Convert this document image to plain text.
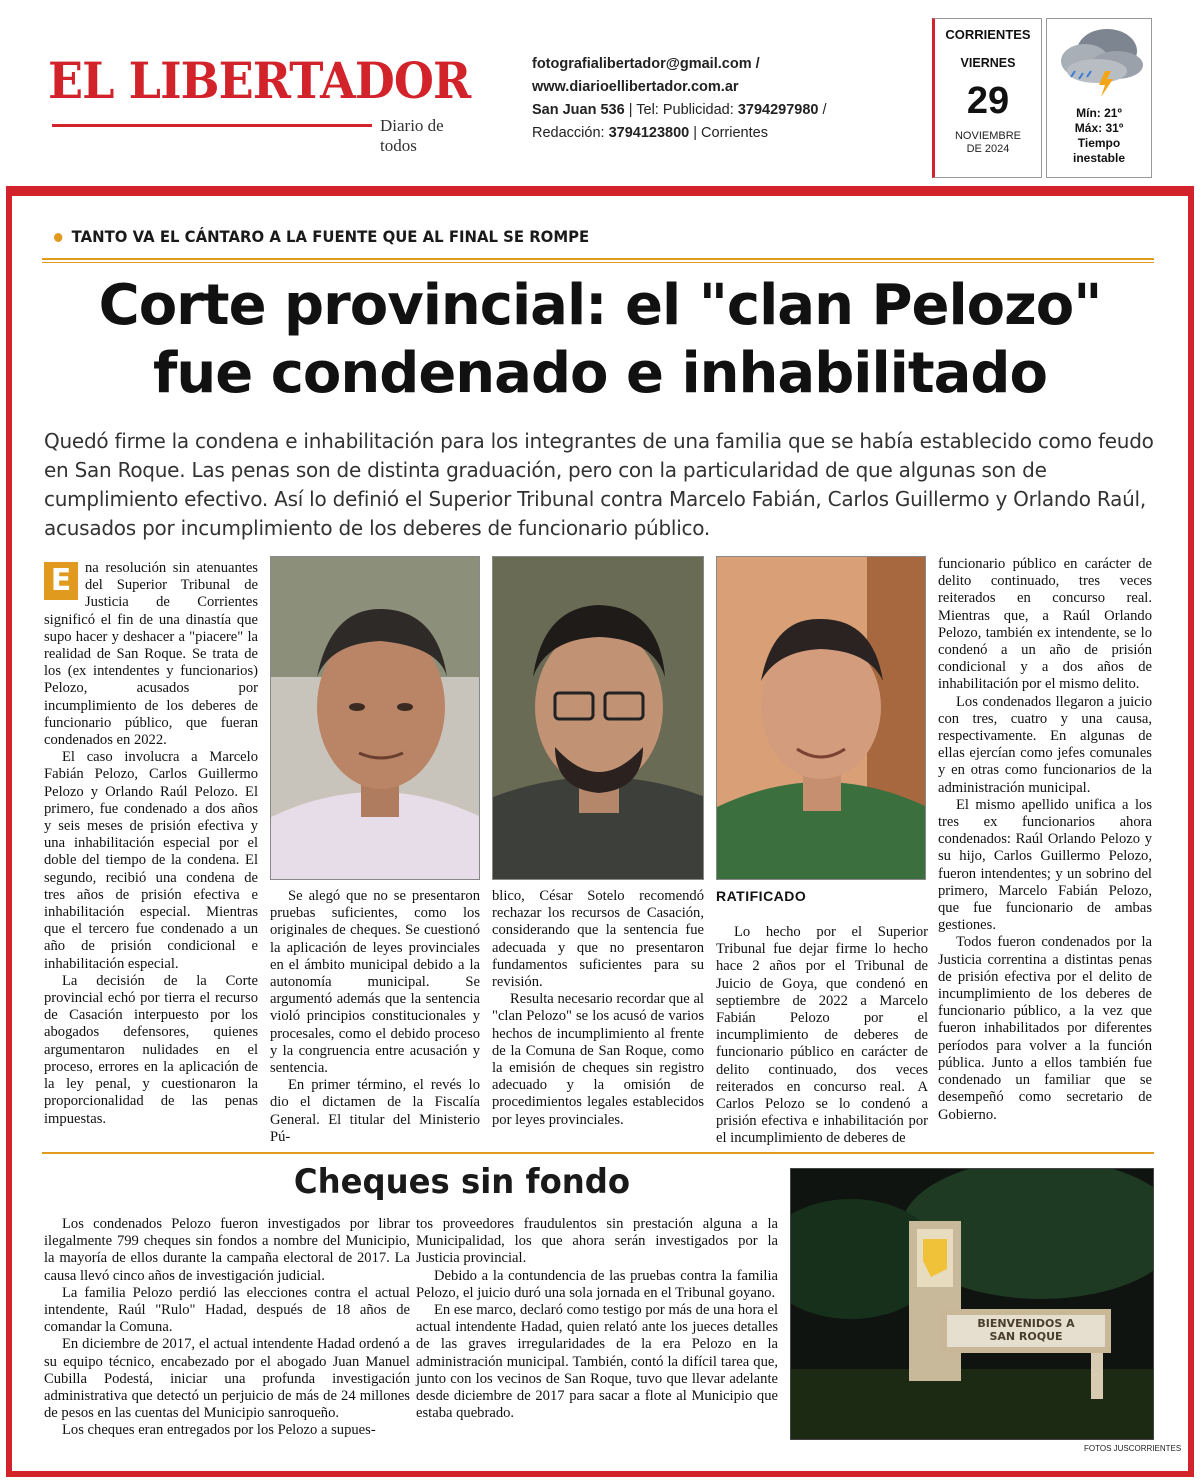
EL LIBERTADOR
Diario de todos
fotografialibertador@gmail.com /
www.diarioellibertador.com.ar
San Juan 536 | Tel: Publicidad: 3794297980 /
Redacción: 3794123800 | Corrientes
CORRIENTES
VIERNES
29
NOVIEMBRE
DE 2024
Mín: 21º
Máx: 31º
Tiempo
inestable
TANTO VA EL CÁNTARO A LA FUENTE QUE AL FINAL SE ROMPE
Corte provincial: el "clan Pelozo"
fue condenado e inhabilitado

Quedó firme la condena e inhabilitación para los integrantes de una familia que se había establecido como feudo en San Roque. Las penas son de distinta graduación, pero con la particularidad de que algunas son de cumplimiento efectivo. Así lo definió el Superior Tribunal contra Marcelo Fabián, Carlos Guillermo y Orlando Raúl, acusados por incumplimiento de los deberes de funcionario público.

E na resolución sin atenuantes del Superior Tribunal de Justicia de Corrientes significó el fin de una dinastía que supo hacer y deshacer a "piacere" la realidad de San Roque. Se trata de los (ex intendentes y funcionarios) Pelozo, acusados por incumplimiento de los deberes de funcionario público, que fueran condenados en 2022.

El caso involucra a Marcelo Fabián Pelozo, Carlos Guillermo Pelozo y Orlando Raúl Pelozo. El primero, fue condenado a dos años y seis meses de prisión efectiva y una inhabilitación especial por el doble del tiempo de la condena. El segundo, recibió una condena de tres años de prisión efectiva e inhabilitación especial. Mientras que el tercero fue condenado a un año de prisión condicional e inhabilitación especial.

La decisión de la Corte provincial echó por tierra el recurso de Casación interpuesto por los abogados defensores, quienes argumentaron nulidades en el proceso, errores en la aplicación de la ley penal, y cuestionaron la proporcionalidad de las penas impuestas.

Se alegó que no se presentaron pruebas suficientes, como los originales de cheques. Se cuestionó la aplicación de leyes provinciales en el ámbito municipal debido a la autonomía municipal. Se argumentó además que la sentencia violó principios constitucionales y procesales, como el debido proceso y la congruencia entre acusación y sentencia.

En primer término, el revés lo dio el dictamen de la Fiscalía General. El titular del Ministerio Pú-

blico, César Sotelo recomendó rechazar los recursos de Casación, considerando que la sentencia fue adecuada y que no presentaron fundamentos suficientes para su revisión.

Resulta necesario recordar que al "clan Pelozo" se los acusó de varios hechos de incumplimiento al frente de la Comuna de San Roque, como la emisión de cheques sin registro adecuado y la omisión de procedimientos legales establecidos por leyes provinciales.

RATIFICADO

Lo hecho por el Superior Tribunal fue dejar firme lo hecho hace 2 años por el Tribunal de Juicio de Goya, que condenó en septiembre de 2022 a Marcelo Fabián Pelozo por el incumplimiento de deberes de funcionario público en carácter de delito continuado, dos veces reiterados en concurso real. A Carlos Pelozo se lo condenó a prisión efectiva e inhabilitación por el incumplimiento de deberes de

funcionario público en carácter de delito continuado, tres veces reiterados en concurso real. Mientras que, a Raúl Orlando Pelozo, también ex intendente, se lo condenó a un año de prisión condicional y a dos años de inhabilitación por el mismo delito.

Los condenados llegaron a juicio con tres, cuatro y una causa, respectivamente. En algunas de ellas ejercían como jefes comunales y en otras como funcionarios de la administración municipal.

El mismo apellido unifica a los tres ex funcionarios ahora condenados: Raúl Orlando Pelozo y su hijo, Carlos Guillermo Pelozo, fueron intendentes; y un sobrino del primero, Marcelo Fabián Pelozo, que fue funcionario de ambas gestiones.

Todos fueron condenados por la Justicia correntina a distintas penas de prisión efectiva por el delito de incumplimiento de los deberes de funcionario público, a la vez que fueron inhabilitados por diferentes períodos para volver a la función pública. Junto a ellos también fue condenado un familiar que se desempeñó como secretario de Gobierno.

Cheques sin fondo

Los condenados Pelozo fueron investigados por librar ilegalmente 799 cheques sin fondos a nombre del Municipio, la mayoría de ellos durante la campaña electoral de 2017. La causa llevó cinco años de investigación judicial.

La familia Pelozo perdió las elecciones contra el actual intendente, Raúl "Rulo" Hadad, después de 18 años de comandar la Comuna.

En diciembre de 2017, el actual intendente Hadad ordenó a su equipo técnico, encabezado por el abogado Juan Manuel Cubilla Podestá, iniciar una profunda investigación administrativa que detectó un perjuicio de más de 24 millones de pesos en las cuentas del Municipio sanroqueño.

Los cheques eran entregados por los Pelozo a supues-

tos proveedores fraudulentos sin prestación alguna a la Municipalidad, los que ahora serán investigados por la Justicia provincial.

Debido a la contundencia de las pruebas contra la familia Pelozo, el juicio duró una sola jornada en el Tribunal goyano.

En ese marco, declaró como testigo por más de una hora el actual intendente Hadad, quien relató ante los jueces detalles de las graves irregularidades de la era Pelozo en la administración municipal. También, contó la difícil tarea que, junto con los vecinos de San Roque, tuvo que llevar adelante desde diciembre de 2017 para sacar a flote al Municipio que estaba quebrado.

BIENVENIDOS A
SAN ROQUE
FOTOS JUSCORRIENTES
